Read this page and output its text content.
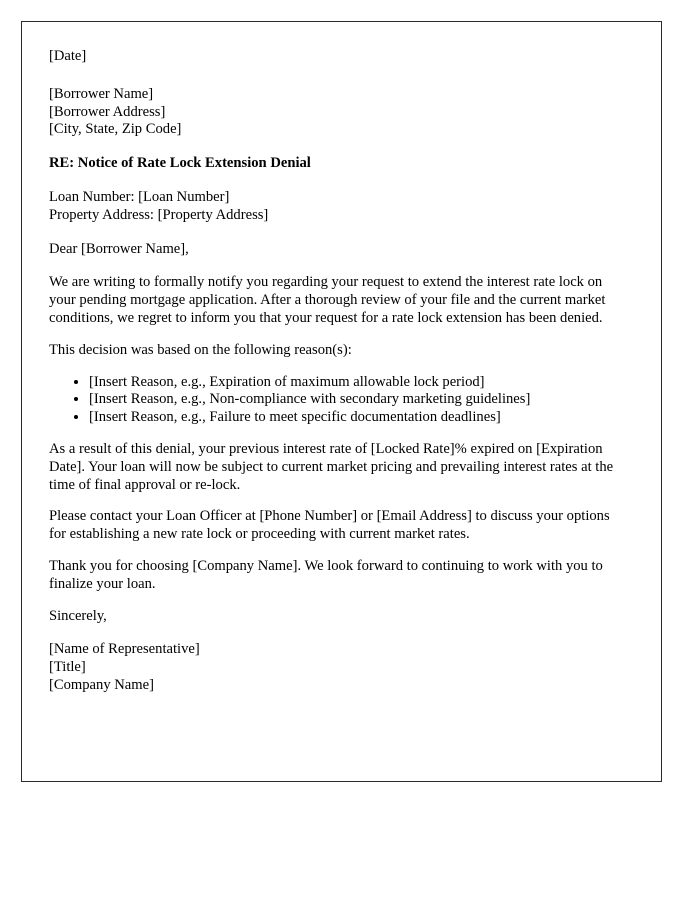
[Date]
[Borrower Name]
[Borrower Address]
[City, State, Zip Code]
RE: Notice of Rate Lock Extension Denial
Loan Number: [Loan Number]
Property Address: [Property Address]
Dear [Borrower Name],

We are writing to formally notify you regarding your request to extend the interest rate lock on your pending mortgage application. After a thorough review of your file and the current market conditions, we regret to inform you that your request for a rate lock extension has been denied.

This decision was based on the following reason(s):

• [Insert Reason, e.g., Expiration of maximum allowable lock period]
• [Insert Reason, e.g., Non-compliance with secondary marketing guidelines]
• [Insert Reason, e.g., Failure to meet specific documentation deadlines]

As a result of this denial, your previous interest rate of [Locked Rate]% expired on [Expiration Date]. Your loan will now be subject to current market pricing and prevailing interest rates at the time of final approval or re-lock.

Please contact your Loan Officer at [Phone Number] or [Email Address] to discuss your options for establishing a new rate lock or proceeding with current market rates.

Thank you for choosing [Company Name]. We look forward to continuing to work with you to finalize your loan.

Sincerely,
[Name of Representative]
[Title]
[Company Name]
